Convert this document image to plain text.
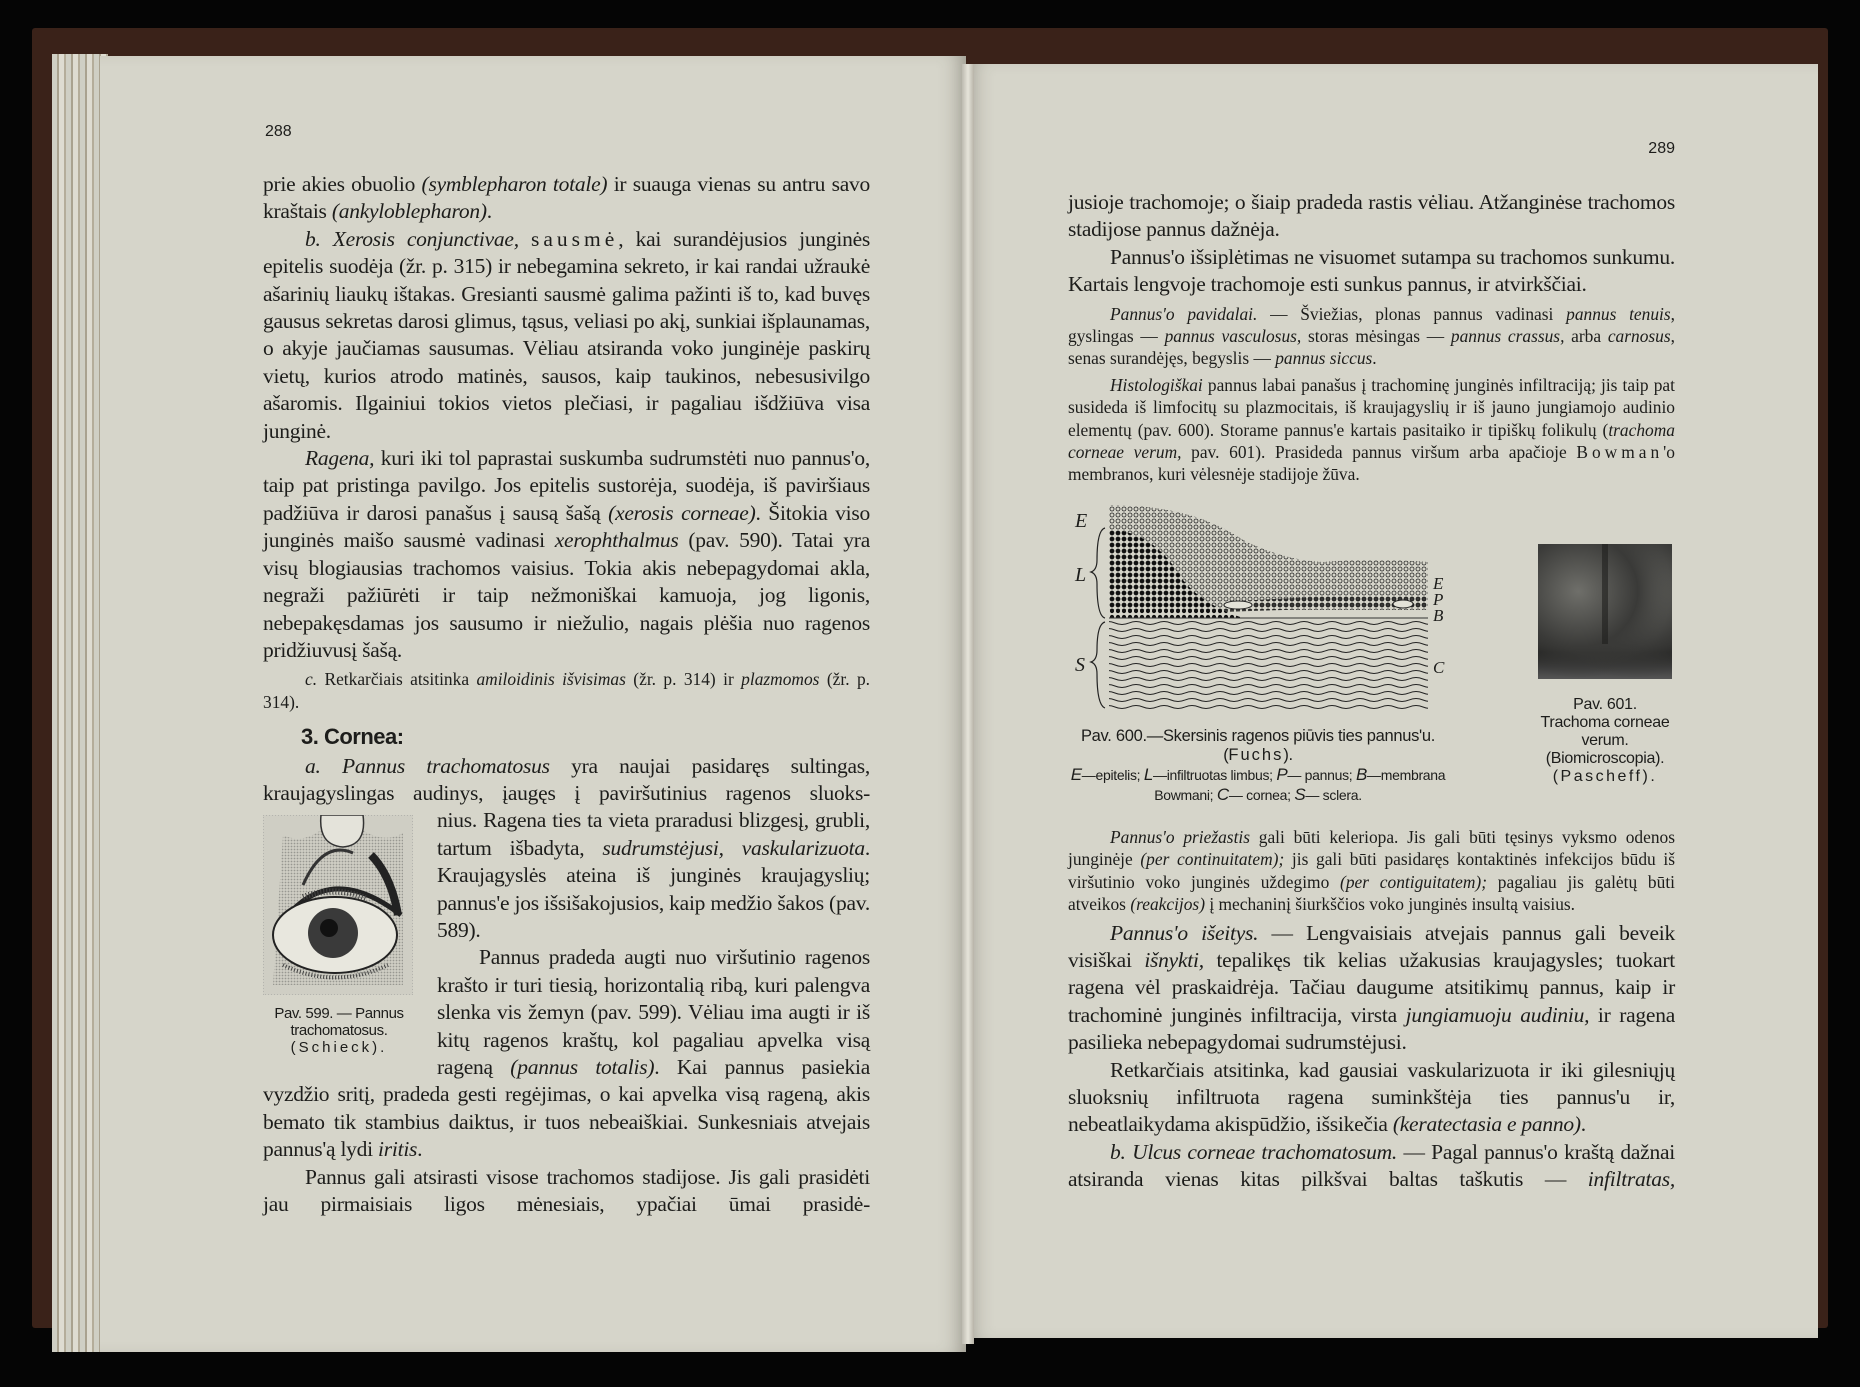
288
289

prie akies obuolio (symblepharon totale) ir suauga vienas su antru savo kraštais (ankyloblepharon).

b. Xerosis conjunctivae, sausmė, kai surandėjusios junginės epitelis suodėja (žr. p. 315) ir nebegamina sekreto, ir kai randai užraukė ašarinių liaukų ištakas. Gresianti sausmė galima pažinti iš to, kad buvęs gausus sekretas darosi glimus, tąsus, veliasi po akį, sunkiai išplaunamas, o akyje jaučiamas sausumas. Vėliau atsiranda voko junginėje paskirų vietų, kurios atrodo matinės, sausos, kaip taukinos, nebesusivilgo ašaromis. Ilgainiui tokios vietos plečiasi, ir pagaliau išdžiūva visa junginė.

Ragena, kuri iki tol paprastai suskumba sudrumstėti nuo pannus'o, taip pat pristinga pavilgo. Jos epitelis sustorėja, suodėja, iš paviršiaus padžiūva ir darosi panašus į sausą šašą (xerosis corneae). Šitokia viso junginės maišo sausmė vadinasi xerophthalmus (pav. 590). Tatai yra visų blogiausias trachomos vaisius. Tokia akis nebepagydomai akla, negraži pažiūrėti ir taip nežmoniškai kamuoja, jog ligonis, nebepakęsdamas jos sausumo ir niežulio, nagais plėšia nuo ragenos pridžiuvusį šašą.

c. Retkarčiais atsitinka amiloidinis išvisimas (žr. p. 314) ir plazmomos (žr. p. 314).

3. Cornea:

a. Pannus trachomatosus yra naujai pasidaręs sultingas, kraujagyslingas audinys, įaugęs į paviršutinius ragenos sluoks-

Pav. 599. — Pannus
trachomatosus.
(Schieck).

nius. Ragena ties ta vieta praradusi blizgesį, grubli, tartum išbadyta, sudrumstėjusi, vaskularizuota. Kraujagyslės ateina iš junginės kraujagyslių; pannus'e jos išsišakojusios, kaip medžio šakos (pav. 589).

Pannus pradeda augti nuo viršutinio ragenos krašto ir turi tiesią, horizontalią ribą, kuri palengva slenka vis žemyn (pav. 599). Vėliau ima augti ir iš kitų ragenos kraštų, kol pagaliau apvelka visą rageną (pannus totalis). Kai pannus pasiekia vyzdžio sritį, pradeda gesti regėjimas, o kai apvelka visą rageną, akis bemato tik stambius daiktus, ir tuos nebeaiškiai. Sunkesniais atvejais pannus'ą lydi iritis.

Pannus gali atsirasti visose trachomos stadijose. Jis gali prasidėti jau pirmaisiais ligos mėnesiais, ypačiai ūmai prasidė-

jusioje trachomoje; o šiaip pradeda rastis vėliau. Atžanginėse trachomos stadijose pannus dažnėja.

Pannus'o išsiplėtimas ne visuomet sutampa su trachomos sunkumu. Kartais lengvoje trachomoje esti sunkus pannus, ir atvirkščiai.

Pannus'o pavidalai. — Šviežias, plonas pannus vadinasi pannus tenuis, gyslingas — pannus vasculosus, storas mėsingas — pannus crassus, arba carnosus, senas surandėjęs, begyslis — pannus siccus.

Histologiškai pannus labai panašus į trachominę junginės infiltraciją; jis taip pat susideda iš limfocitų su plazmocitais, iš kraujagyslių ir iš jauno jungiamojo audinio elementų (pav. 600). Storame pannus'e kartais pasitaiko ir tipiškų folikulų (trachoma corneae verum, pav. 601). Prasideda pannus viršum arba apačioje Bowman'o membranos, kuri vėlesnėje stadijoje žūva.

E
L
S
E
P
B
C
Pav. 600.—Skersinis ragenos piūvis ties pannus'u. (Fuchs).
E—epitelis; L—infiltruotas limbus; P— pannus; B—membrana Bowmani; C— cornea; S— sclera.
Pav. 601.
Trachoma corneae verum. (Biomicroscopia).
(Pascheff).

Pannus'o priežastis gali būti keleriopa. Jis gali būti tęsinys vyksmo odenos junginėje (per continuitatem); jis gali būti pasidaręs kontaktinės infekcijos būdu iš viršutinio voko junginės uždegimo (per contiguitatem); pagaliau jis galėtų būti atveikos (reakcijos) į mechaninį šiurkščios voko junginės insultą vaisius.

Pannus'o išeitys. — Lengvaisiais atvejais pannus gali beveik visiškai išnykti, tepalikęs tik kelias užakusias kraujagysles; tuokart ragena vėl praskaidrėja. Tačiau daugume atsitikimų pannus, kaip ir trachominė junginės infiltracija, virsta jungiamuoju audiniu, ir ragena pasilieka nebepagydomai sudrumstėjusi.

Retkarčiais atsitinka, kad gausiai vaskularizuota ir iki gilesniųjų sluoksnių infiltruota ragena suminkštėja ties pannus'u ir, nebeatlaikydama akispūdžio, išsikečia (keratectasia e panno).

b. Ulcus corneae trachomatosum. — Pagal pannus'o kraštą dažnai atsiranda vienas kitas pilkšvai baltas taškutis — infiltratas,
